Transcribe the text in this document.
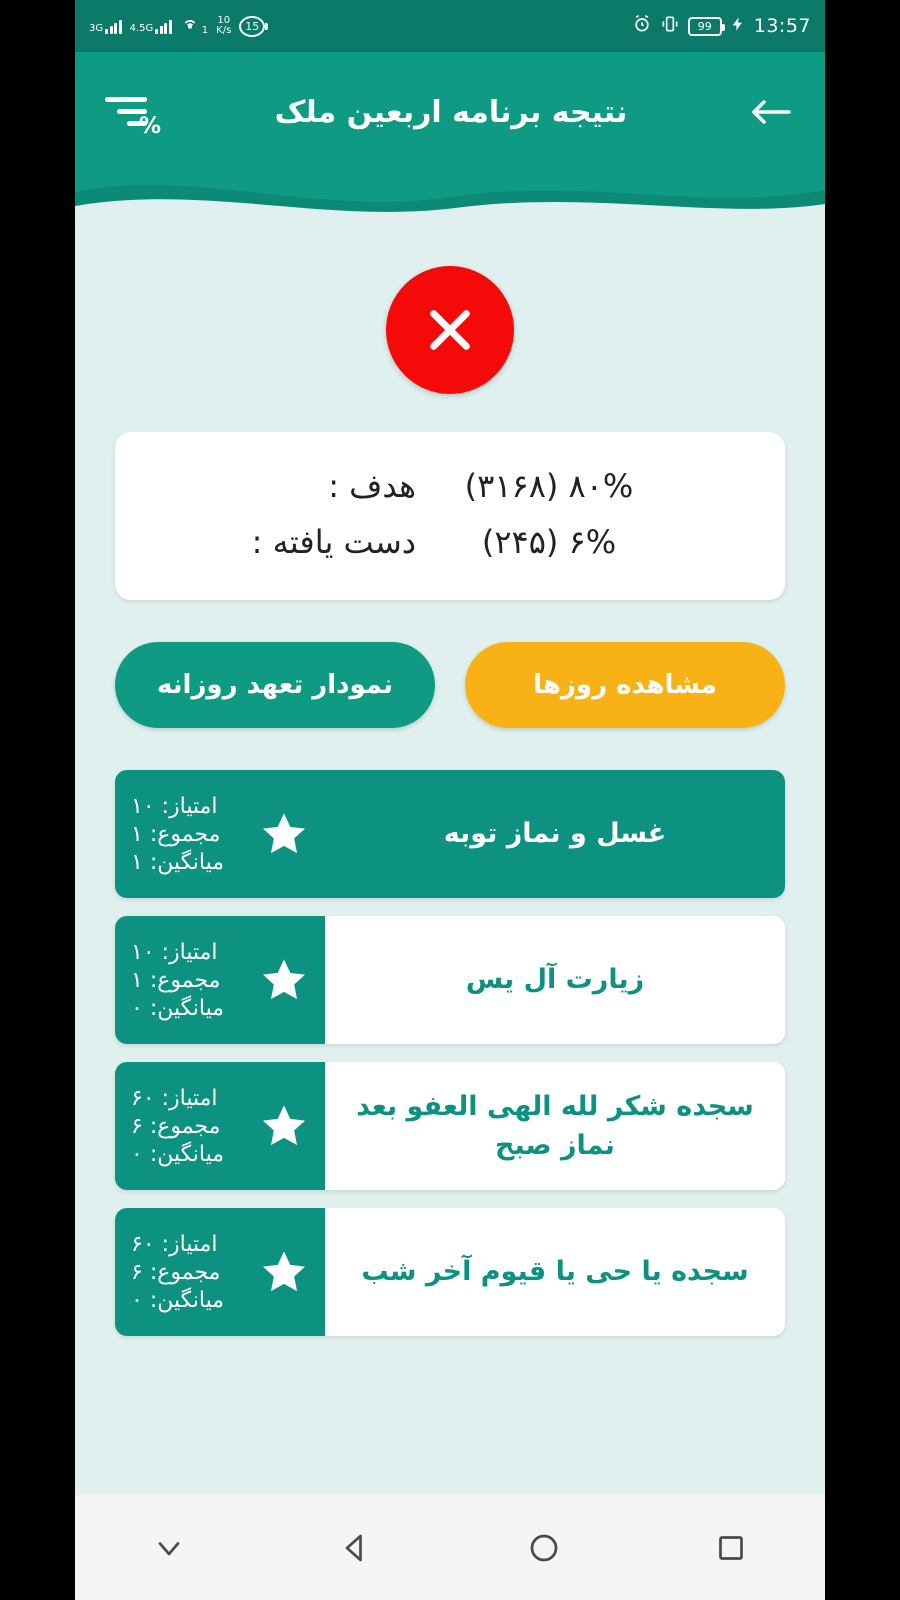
3G	4.5G	1
10
K/s	15	99	13:57
نتیجه برنامه اربعین ملک
%
۸۰% (۳۱۶۸)
هدف :
۶% (۲۴۵)
دست یافته :
مشاهده روزها
نمودار تعهد روزانه
غسل و نماز توبه
امتیاز: ۱۰
مجموع: ۱
میانگین: ۱
زیارت آل یس
امتیاز: ۱۰
مجموع: ۱
میانگین: ۰
سجده شکر لله الهی العفو بعد نماز صبح
امتیاز: ۶۰
مجموع: ۶
میانگین: ۰
سجده یا حی یا قیوم آخر شب
امتیاز: ۶۰
مجموع: ۶
میانگین: ۰
